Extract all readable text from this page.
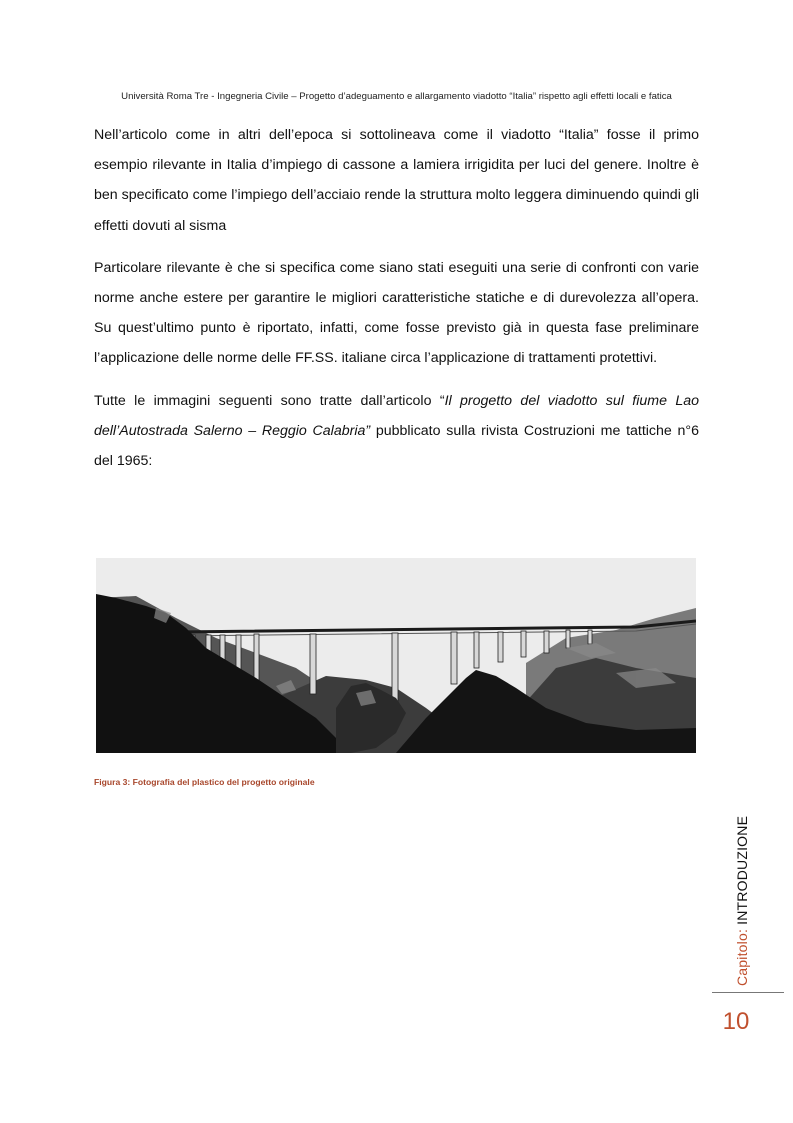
Università Roma Tre - Ingegneria Civile – Progetto d’adeguamento e allargamento viadotto “Italia” rispetto agli effetti locali e fatica

Nell’articolo come in altri dell’epoca si sottolineava come il viadotto “Italia” fosse il primo esempio rilevante in Italia d’impiego di cassone a lamiera irrigidita per luci del genere. Inoltre è ben specificato come l’impiego dell’acciaio rende la struttura molto leggera diminuendo quindi gli effetti dovuti al sisma

Particolare rilevante è che si specifica come siano stati eseguiti una serie di confronti con varie norme anche estere per garantire le migliori caratteristiche statiche e di durevolezza all’opera. Su quest’ultimo punto è riportato, infatti, come fosse previsto già in questa fase preliminare l’applicazione delle norme delle FF.SS. italiane circa l’applicazione di trattamenti protettivi.

Tutte le immagini seguenti sono tratte dall’articolo “Il progetto del viadotto sul fiume Lao dell’Autostrada Salerno – Reggio Calabria” pubblicato sulla rivista Costruzioni me tattiche n°6 del 1965:

Figura 3: Fotografia del plastico del progetto originale
Capitolo: INTRODUZIONE
10
